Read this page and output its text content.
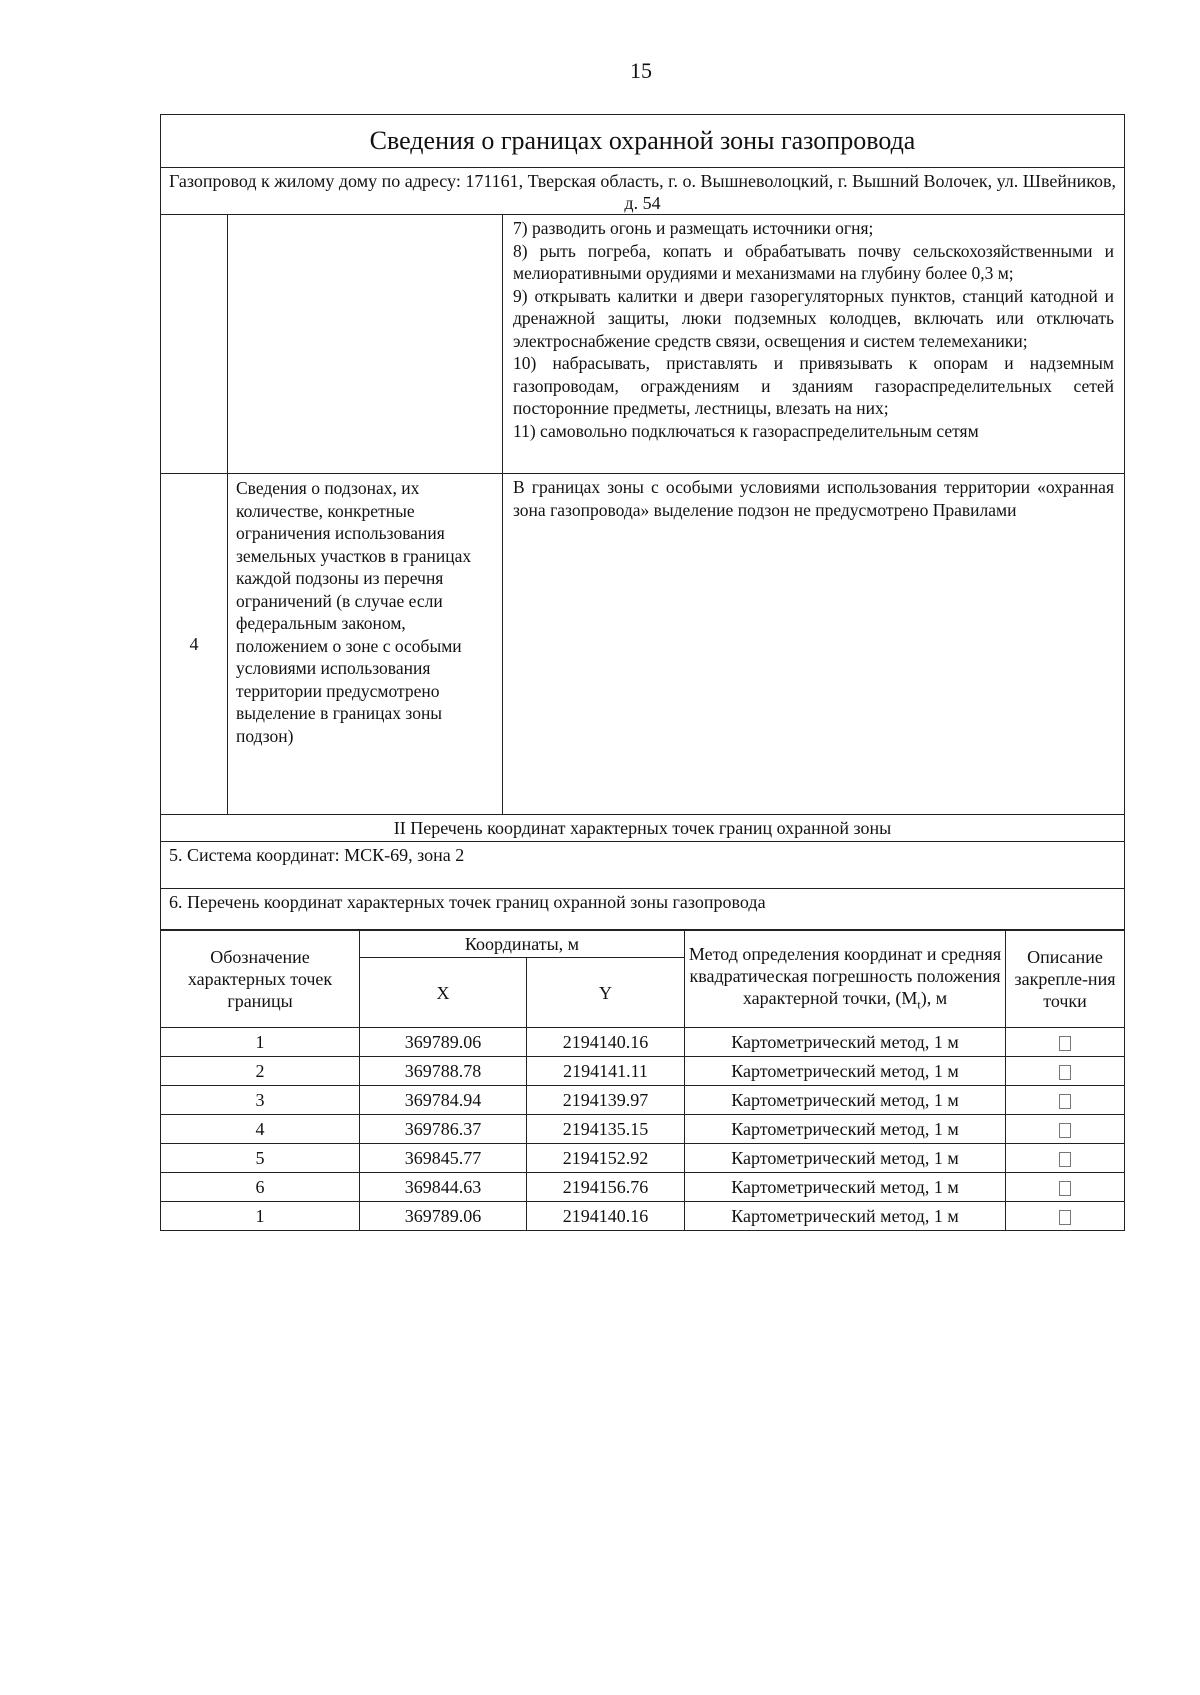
15
Сведения о границах охранной зоны газопровода		
Газопровод к жилому дому по адресу: 171161, Тверская область, г. о. Вышневолоцкий, г. Вышний Волочек, ул. Швейников, д. 54		

		7) разводить огонь и размещать источники огня;

8) рыть погреба, копать и обрабатывать почву сельскохозяйственными и мелиоративными орудиями и механизмами на глубину более 0,3 м;

9) открывать калитки и двери газорегуляторных пунктов, станций катодной и дренажной защиты, люки подземных колодцев, включать или отключать электроснабжение средств связи, освещения и систем телемеханики;

10) набрасывать, приставлять и привязывать к опорам и надземным газопроводам, ограждениям и зданиям газораспределительных сетей посторонние предметы, лестницы, влезать на них;

11) самовольно подключаться к газораспределительным сетям

4	Сведения о подзонах, их количестве, конкретные ограничения использования земельных участков в границах каждой подзоны из перечня ограничений (в случае если федеральным законом, положением о зоне с особыми условиями использования территории предусмотрено выделение в границах зоны подзон)	В границах зоны с особыми условиями использования территории «охранная зона газопровода» выделение подзон не предусмотрено Правилами
II Перечень координат характерных точек границ охранной зоны		
5. Система координат: МСК-69, зона 2		
6. Перечень координат характерных точек границ охранной зоны газопровода		
Обозначение характерных точек границы	Координаты, м		Метод определения координат и средняя квадратическая погрешность положения характерной точки, $(M_t)$, м	Описание закрепле-ния точки
	X	Y		
1	369789.06	2194140.16	Картометрический метод, 1 м	
2	369788.78	2194141.11	Картометрический метод, 1 м	
3	369784.94	2194139.97	Картометрический метод, 1 м	
4	369786.37	2194135.15	Картометрический метод, 1 м	
5	369845.77	2194152.92	Картометрический метод, 1 м	
6	369844.63	2194156.76	Картометрический метод, 1 м	
1	369789.06	2194140.16	Картометрический метод, 1 м	
